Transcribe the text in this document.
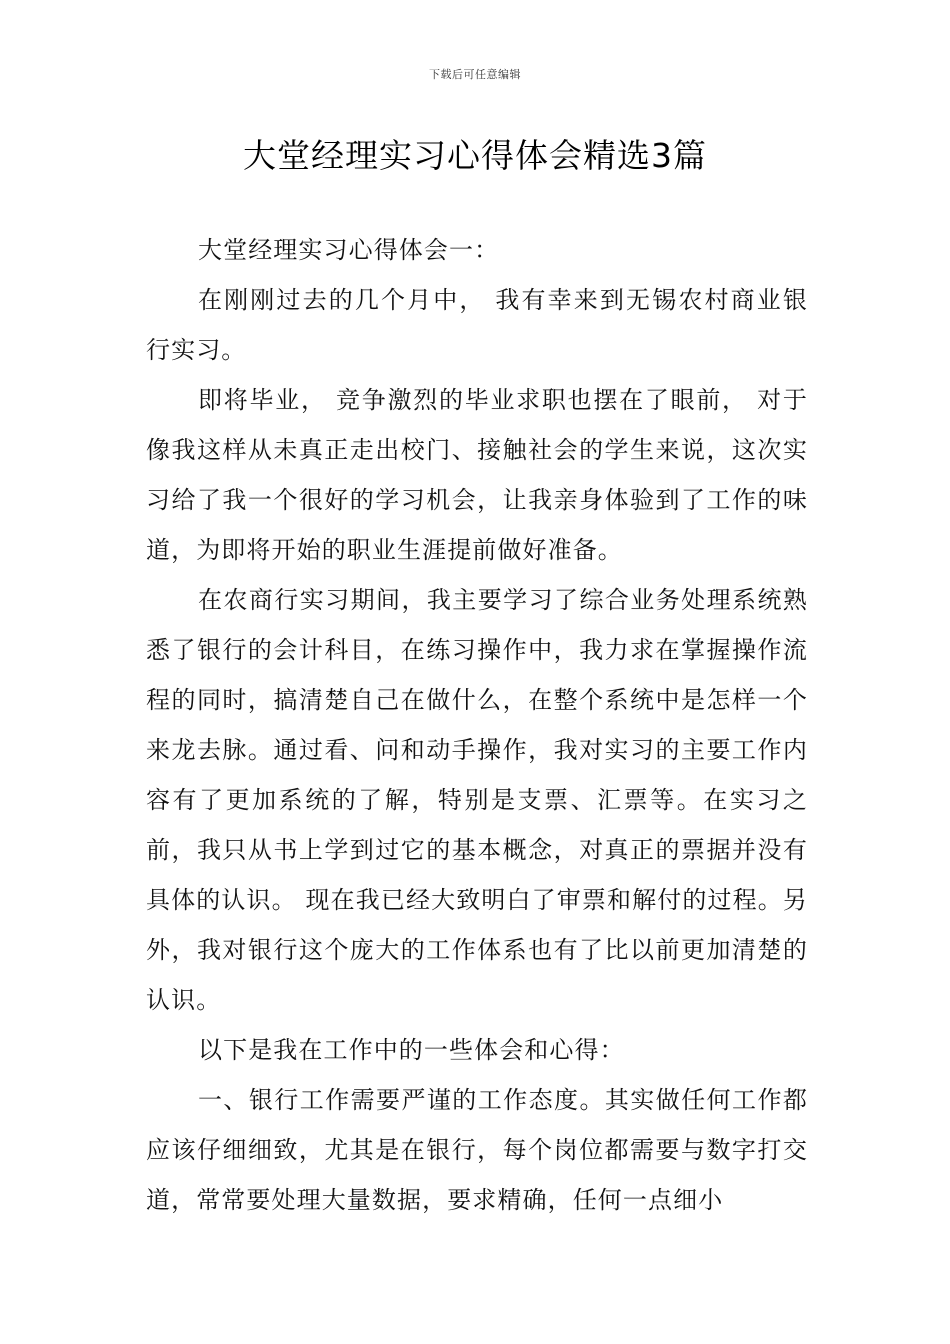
下载后可任意编辑
大堂经理实习心得体会精选3篇

大堂经理实习心得体会一：

在刚刚过去的几个月中， 我有幸来到无锡农村商业银行实习。

即将毕业， 竞争激烈的毕业求职也摆在了眼前， 对于像我这样从未真正走出校门、接触社会的学生来说，这次实习给了我一个很好的学习机会，让我亲身体验到了工作的味道，为即将开始的职业生涯提前做好准备。

在农商行实习期间，我主要学习了综合业务处理系统熟悉了银行的会计科目，在练习操作中，我力求在掌握操作流程的同时，搞清楚自己在做什么，在整个系统中是怎样一个来龙去脉。通过看、问和动手操作，我对实习的主要工作内容有了更加系统的了解，特别是支票、汇票等。在实习之前，我只从书上学到过它的基本概念，对真正的票据并没有具体的认识。 现在我已经大致明白了审票和解付的过程。另外，我对银行这个庞大的工作体系也有了比以前更加清楚的认识。

以下是我在工作中的一些体会和心得：

一、银行工作需要严谨的工作态度。其实做任何工作都应该仔细细致，尤其是在银行，每个岗位都需要与数字打交道，常常要处理大量数据，要求精确，任何一点细小
